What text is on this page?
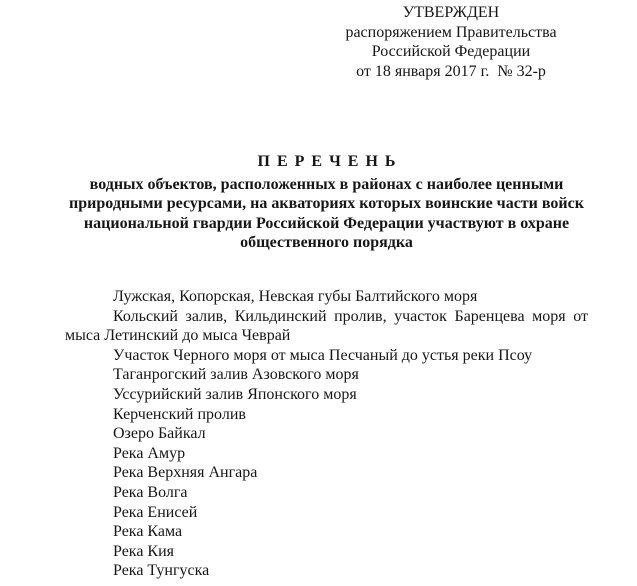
УТВЕРЖДЕН
распоряжением Правительства
Российской Федерации
от 18 января 2017 г.  № 32-р
ПЕРЕЧЕНЬ
водных объектов, расположенных в районах с наиболее ценными
природными ресурсами, на акваториях которых воинские части войск
национальной гвардии Российской Федерации участвуют в охране
общественного порядка
Лужская, Копорская, Невская губы Балтийского моря
Кольский залив, Кильдинский пролив, участок Баренцева моря от
мыса Летинский до мыса Чеврай
Участок Черного моря от мыса Песчаный до устья реки Псоу
Таганрогский залив Азовского моря
Уссурийский залив Японского моря
Керченский пролив
Озеро Байкал
Река Амур
Река Верхняя Ангара
Река Волга
Река Енисей
Река Кама
Река Кия
Река Тунгуска
